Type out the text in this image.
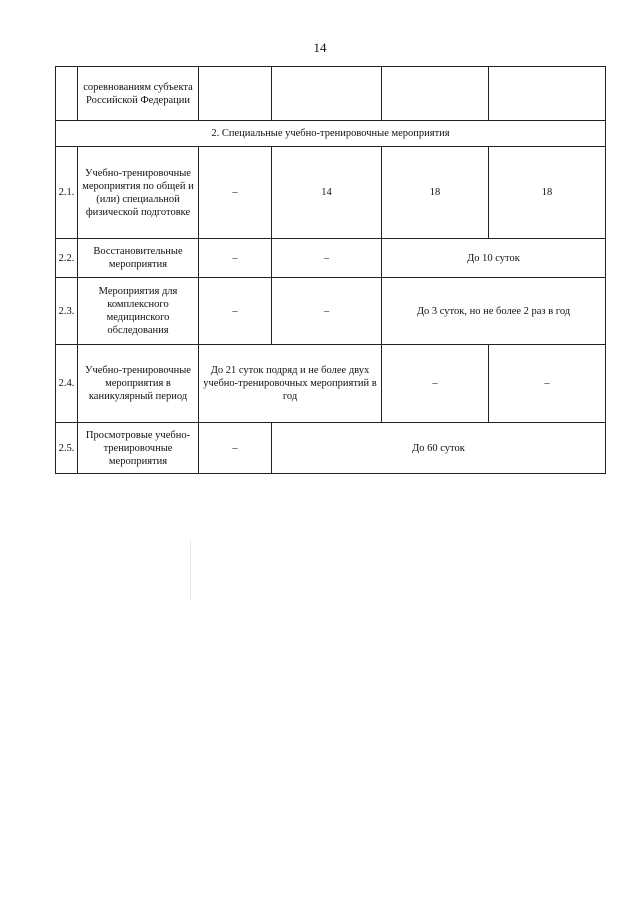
14
	соревнованиям субъекта Российской Федерации				
2. Специальные учебно-тренировочные мероприятия					
2.1.	Учебно-тренировочные мероприятия по общей и (или) специальной физической подготовке	–	14	18	18
2.2.	Восстановительные мероприятия	–	–	До 10 суток	
2.3.	Мероприятия для комплексного медицинского обследования	–	–	До 3 суток, но не более 2 раз в год	
2.4.	Учебно-тренировочные мероприятия в каникулярный период	До 21 суток подряд и не более двух учебно-тренировочных мероприятий в год		–	–
2.5.	Просмотровые учебно-тренировочные мероприятия	–	До 60 суток		
